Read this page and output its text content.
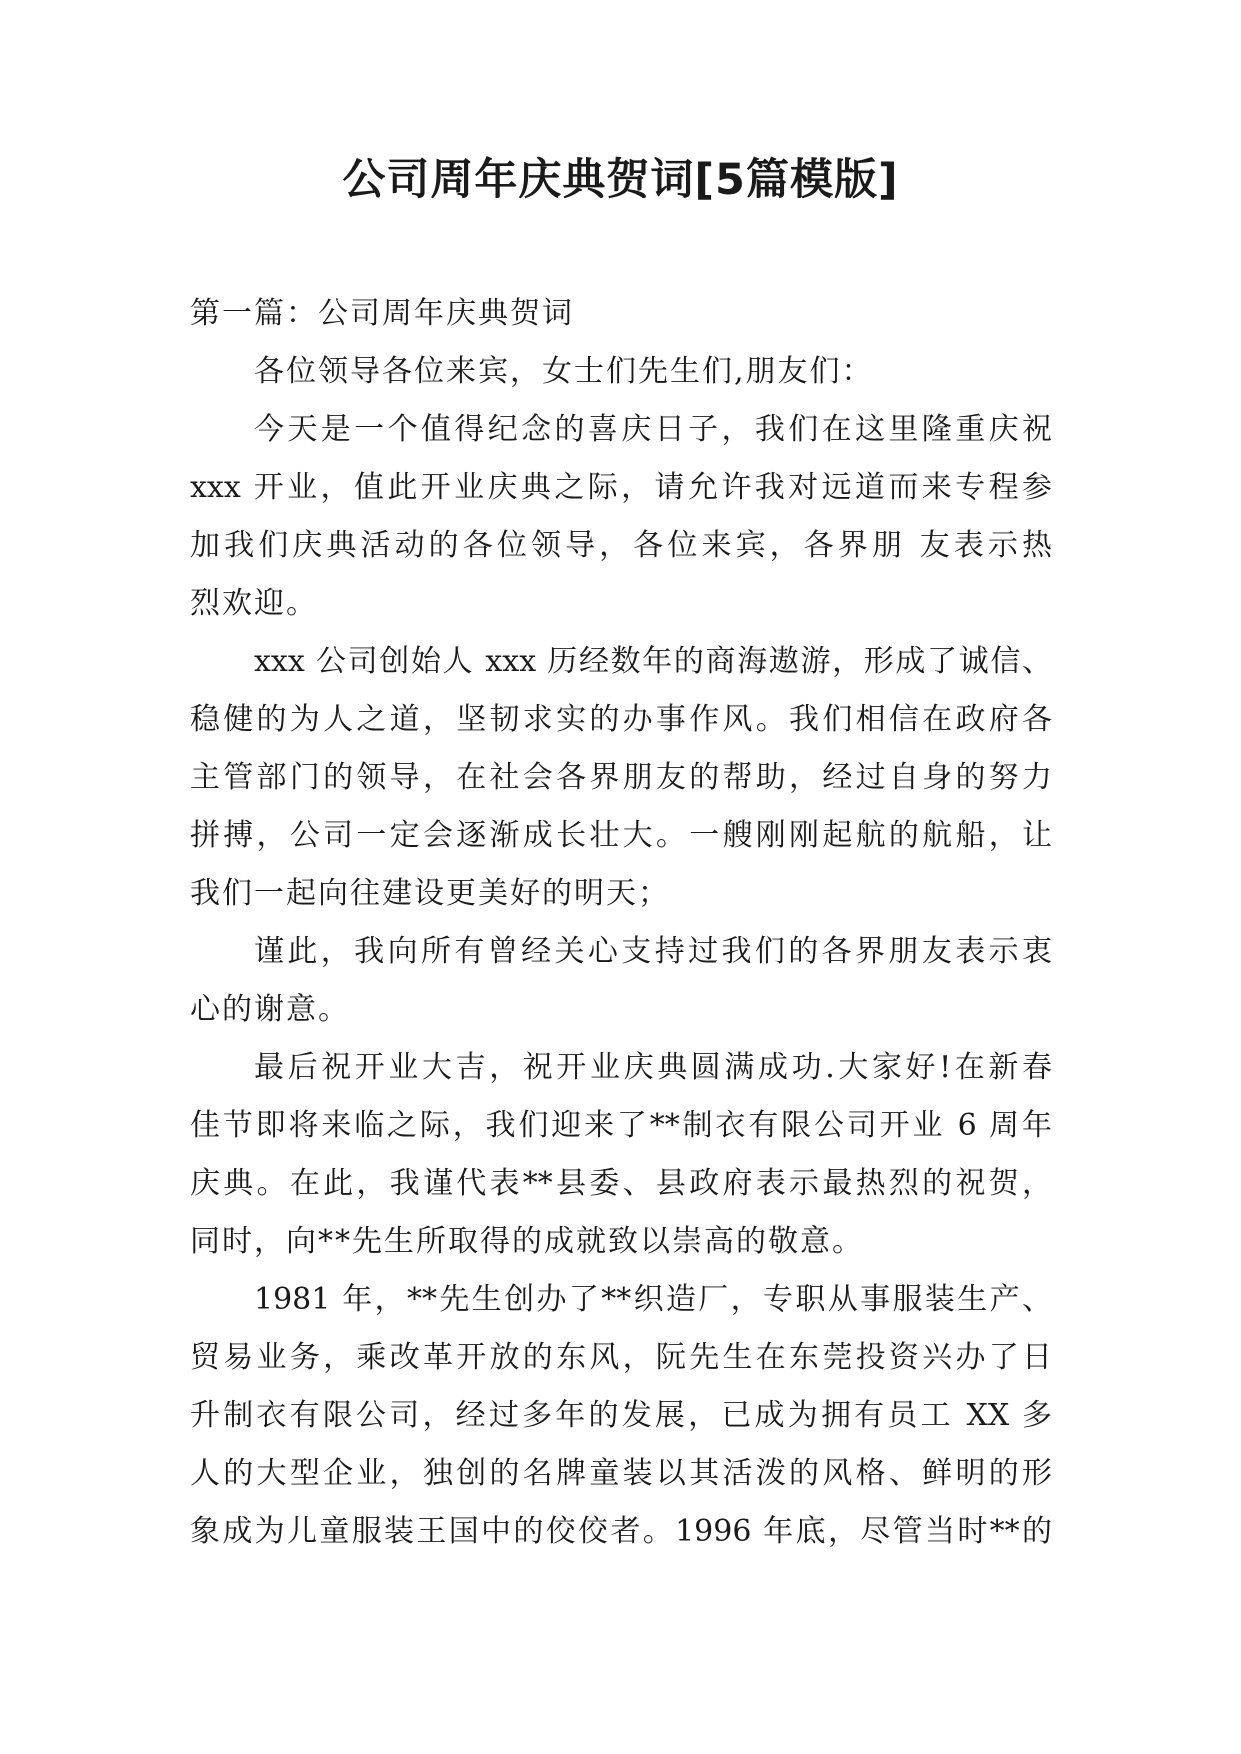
公司周年庆典贺词[5篇模版]
第一篇：公司周年庆典贺词
各位领导各位来宾，女士们先生们,朋友们：
今天是一个值得纪念的喜庆日子，我们在这里隆重庆祝
xxx 开业，值此开业庆典之际，请允许我对远道而来专程参
加我们庆典活动的各位领导，各位来宾，各界朋 友表示热
烈欢迎。
xxx 公司创始人 xxx 历经数年的商海遨游，形成了诚信、
稳健的为人之道，坚韧求实的办事作风。我们相信在政府各
主管部门的领导，在社会各界朋友的帮助，经过自身的努力
拼搏，公司一定会逐渐成长壮大。一艘刚刚起航的航船，让
我们一起向往建设更美好的明天；
谨此，我向所有曾经关心支持过我们的各界朋友表示衷
心的谢意。
最后祝开业大吉，祝开业庆典圆满成功.大家好!在新春
佳节即将来临之际，我们迎来了**制衣有限公司开业 6 周年
庆典。在此，我谨代表**县委、县政府表示最热烈的祝贺，
同时，向**先生所取得的成就致以崇高的敬意。
1981 年，**先生创办了**织造厂，专职从事服装生产、
贸易业务，乘改革开放的东风，阮先生在东莞投资兴办了日
升制衣有限公司，经过多年的发展，已成为拥有员工 XX 多
人的大型企业，独创的名牌童装以其活泼的风格、鲜明的形
象成为儿童服装王国中的佼佼者。1996 年底，尽管当时**的
